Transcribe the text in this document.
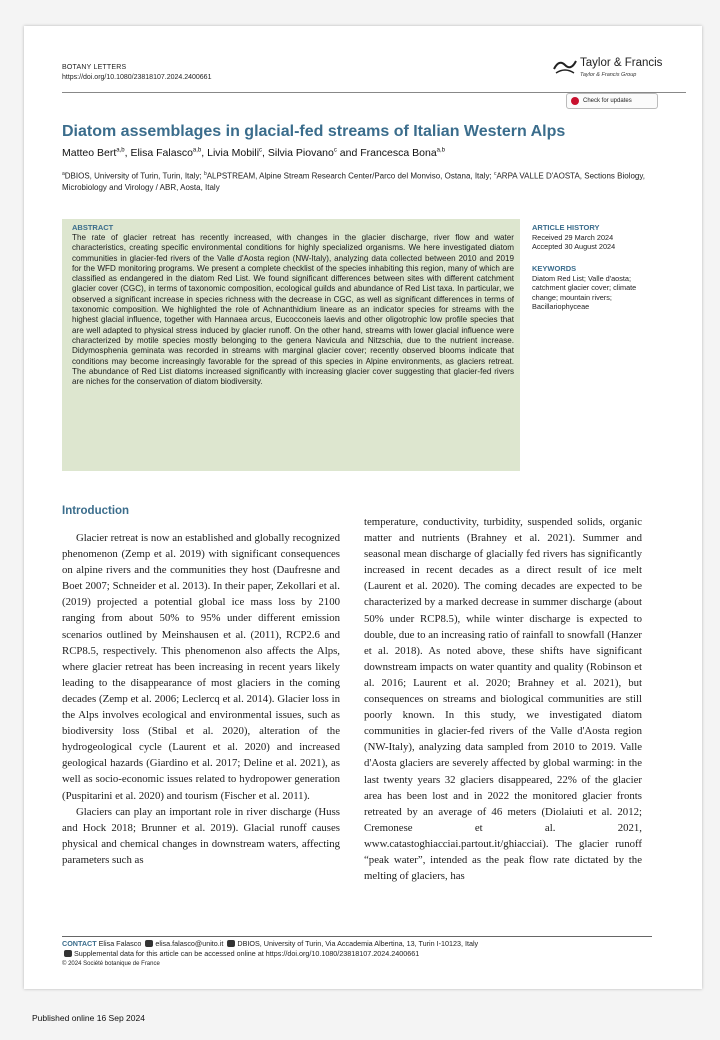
BOTANY LETTERS
https://doi.org/10.1080/23818107.2024.2400661
Taylor & Francis
Taylor & Francis Group
Check for updates
Diatom assemblages in glacial-fed streams of Italian Western Alps
Matteo Bert$^{a,b}$, Elisa Falasco$^{a,b}$, Livia Mobili$^c$, Silvia Piovano$^c$ and Francesca Bona$^{a,b}$
$^a$DBIOS, University of Turin, Turin, Italy; $^b$ALPSTREAM, Alpine Stream Research Center/Parco del Monviso, Ostana, Italy; $^c$ARPA VALLE D'AOSTA, Sections Biology, Microbiology and Virology / ABR, Aosta, Italy
ABSTRACT
The rate of glacier retreat has recently increased, with changes in the glacier discharge, river flow and water characteristics, creating specific environmental conditions for highly specialized organisms. We here investigated diatom communities in glacier-fed rivers of the Valle d'Aosta region (NW-Italy), analyzing data collected between 2010 and 2019 for the WFD monitoring programs. We present a complete checklist of the species inhabiting this region, many of which are classified as endangered in the diatom Red List. We found significant differences between sites with different catchment glacier cover (CGC), in terms of taxonomic composition, ecological guilds and abundance of Red List taxa. In particular, we observed a significant increase in species richness with the decrease in CGC, as well as significant differences in terms of taxonomic composition. We highlighted the role of Achnanthidium lineare as an indicator species for streams with the highest glacial influence, together with Hannaea arcus, Eucocconeis laevis and other oligotrophic low profile species that are well adapted to physical stress induced by glacier runoff. On the other hand, streams with lower glacial influence were characterized by motile species mostly belonging to the genera Navicula and Nitzschia, due to the nutrient increase. Didymosphenia geminata was recorded in streams with marginal glacier cover; recently observed blooms indicate that conditions may become increasingly favorable for the spread of this species in Alpine environments, as glaciers retreat. The abundance of Red List diatoms increased significantly with increasing glacier cover suggesting that glacier-fed rivers are niches for the conservation of diatom biodiversity.
ARTICLE HISTORY
Received 29 March 2024
Accepted 30 August 2024
KEYWORDS
Diatom Red List; Valle d'aosta; catchment glacier cover; climate change; mountain rivers; Bacillariophyceae
Introduction

Glacier retreat is now an established and globally recognized phenomenon (Zemp et al. 2019) with significant consequences on alpine rivers and the communities they host (Daufresne and Boet 2007; Schneider et al. 2013). In their paper, Zekollari et al. (2019) projected a potential global ice mass loss by 2100 ranging from about 50% to 95% under different emission scenarios outlined by Meinshausen et al. (2011), RCP2.6 and RCP8.5, respectively. This phenomenon also affects the Alps, where glacier retreat has been increasing in recent years likely leading to the disappearance of most glaciers in the coming decades (Zemp et al. 2006; Leclercq et al. 2014). Glacier loss in the Alps involves ecological and environmental issues, such as biodiversity loss (Stibal et al. 2020), alteration of the hydrogeological cycle (Laurent et al. 2020) and increased geological hazards (Giardino et al. 2017; Deline et al. 2021), as well as socio-economic issues related to hydropower generation (Puspitarini et al. 2020) and tourism (Fischer et al. 2011).

Glaciers can play an important role in river discharge (Huss and Hock 2018; Brunner et al. 2019). Glacial runoff causes physical and chemical changes in downstream waters, affecting parameters such as

temperature, conductivity, turbidity, suspended solids, organic matter and nutrients (Brahney et al. 2021). Summer and seasonal mean discharge of glacially fed rivers has significantly increased in recent decades as a direct result of ice melt (Laurent et al. 2020). The coming decades are expected to be characterized by a marked decrease in summer discharge (about 50% under RCP8.5), while winter discharge is expected to double, due to an increasing ratio of rainfall to snowfall (Hanzer et al. 2018). As noted above, these shifts have significant downstream impacts on water quantity and quality (Robinson et al. 2016; Laurent et al. 2020; Brahney et al. 2021), but consequences on streams and biological communities are still poorly known. In this study, we investigated diatom communities in glacier-fed rivers of the Valle d'Aosta region (NW-Italy), analyzing data sampled from 2010 to 2019. Valle d'Aosta glaciers are severely affected by global warming: in the last twenty years 32 glaciers disappeared, 22% of the glacier area has been lost and in 2022 the monitored glacier fronts retreated by an average of 46 meters (Diolaiuti et al. 2012; Cremonese et al. 2021, www.catastoghiacciai.partout.it/ghiacciai). The glacier runoff “peak water”, intended as the peak flow rate dictated by the melting of glaciers, has

CONTACT Elisa Falasco elisa.falasco@unito.it DBIOS, University of Turin, Via Accademia Albertina, 13, Turin I-10123, Italy
Supplemental data for this article can be accessed online at https://doi.org/10.1080/23818107.2024.2400661
© 2024 Société botanique de France
Published online 16 Sep 2024
